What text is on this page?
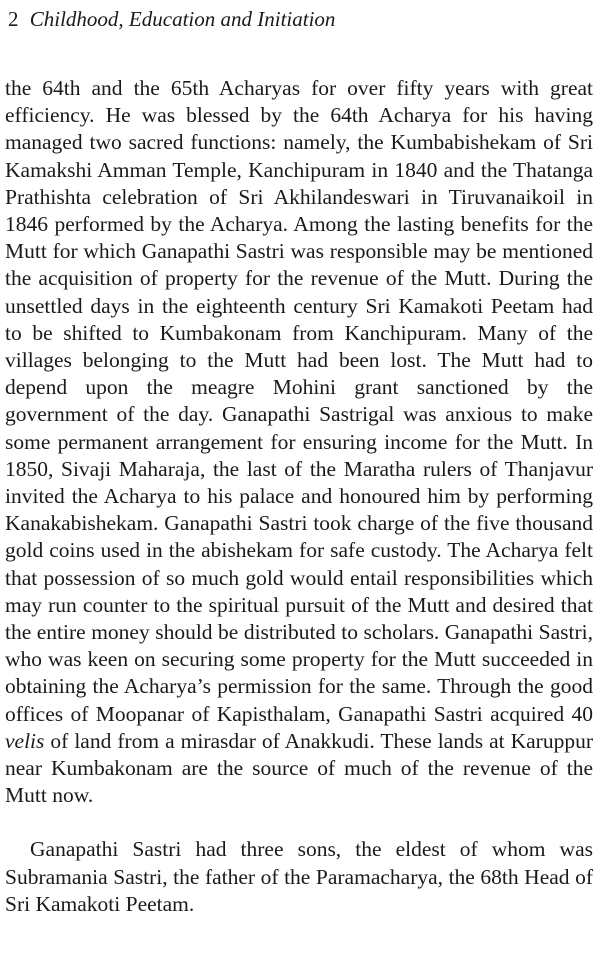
2 Childhood, Education and Initiation

the 64th and the 65th Acharyas for over fifty years with great efficiency. He was blessed by the 64th Acharya for his having managed two sacred functions: namely, the Kumbabishekam of Sri Kamakshi Amman Temple, Kanchipuram in 1840 and the Thatanga Prathishta celebration of Sri Akhilandeswari in Tiruvanaikoil in 1846 performed by the Acharya. Among the lasting benefits for the Mutt for which Ganapathi Sastri was responsible may be mentioned the acquisition of property for the revenue of the Mutt. During the unsettled days in the eighteenth century Sri Kamakoti Peetam had to be shifted to Kumbakonam from Kanchipuram. Many of the villages belonging to the Mutt had been lost. The Mutt had to depend upon the meagre Mohini grant sanctioned by the government of the day. Ganapathi Sastrigal was anxious to make some permanent arrangement for ensuring income for the Mutt. In 1850, Sivaji Maharaja, the last of the Maratha rulers of Thanjavur invited the Acharya to his palace and honoured him by performing Kanakabishekam. Ganapathi Sastri took charge of the five thousand gold coins used in the abishekam for safe custody. The Acharya felt that possession of so much gold would entail responsibilities which may run counter to the spiritual pursuit of the Mutt and desired that the entire money should be distributed to scholars. Ganapathi Sastri, who was keen on securing some property for the Mutt succeeded in obtaining the Acharya’s permission for the same. Through the good offices of Moopanar of Kapisthalam, Ganapathi Sastri acquired 40 velis of land from a mirasdar of Anakkudi. These lands at Karuppur near Kumbakonam are the source of much of the revenue of the Mutt now.

Ganapathi Sastri had three sons, the eldest of whom was Subramania Sastri, the father of the Paramacharya, the 68th Head of Sri Kamakoti Peetam.
